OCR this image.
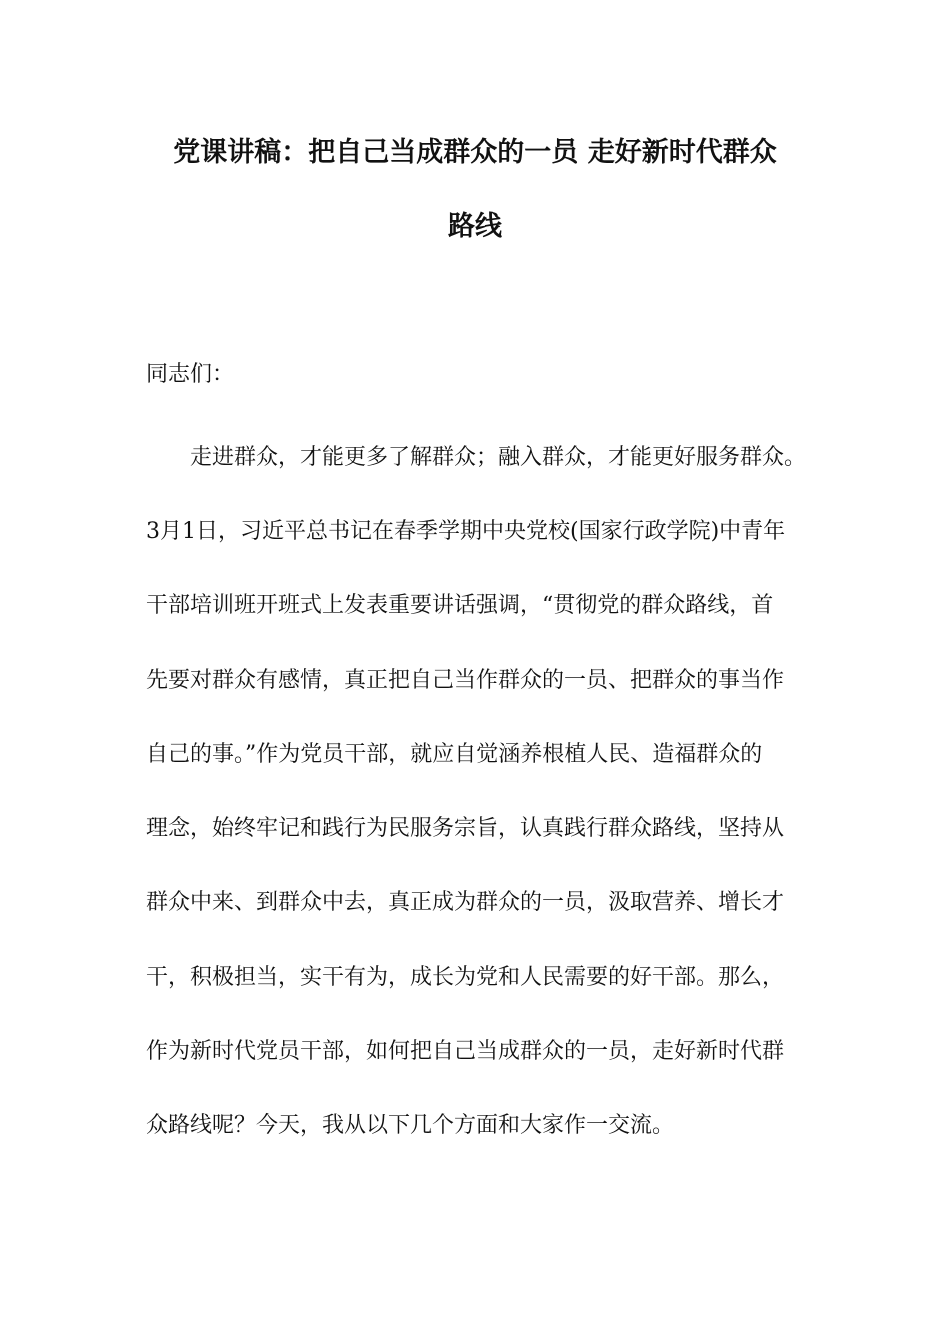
党课讲稿：把自己当成群众的一员 走好新时代群众
路线
同志们：
走进群众，才能更多了解群众；融入群众，才能更好服务群众。
3月1日，习近平总书记在春季学期中央党校(国家行政学院)中青年
干部培训班开班式上发表重要讲话强调，“贯彻党的群众路线，首
先要对群众有感情，真正把自己当作群众的一员、把群众的事当作
自己的事。”作为党员干部，就应自觉涵养根植人民、造福群众的
理念，始终牢记和践行为民服务宗旨，认真践行群众路线，坚持从
群众中来、到群众中去，真正成为群众的一员，汲取营养、增长才
干，积极担当，实干有为，成长为党和人民需要的好干部。那么，
作为新时代党员干部，如何把自己当成群众的一员，走好新时代群
众路线呢？今天，我从以下几个方面和大家作一交流。
